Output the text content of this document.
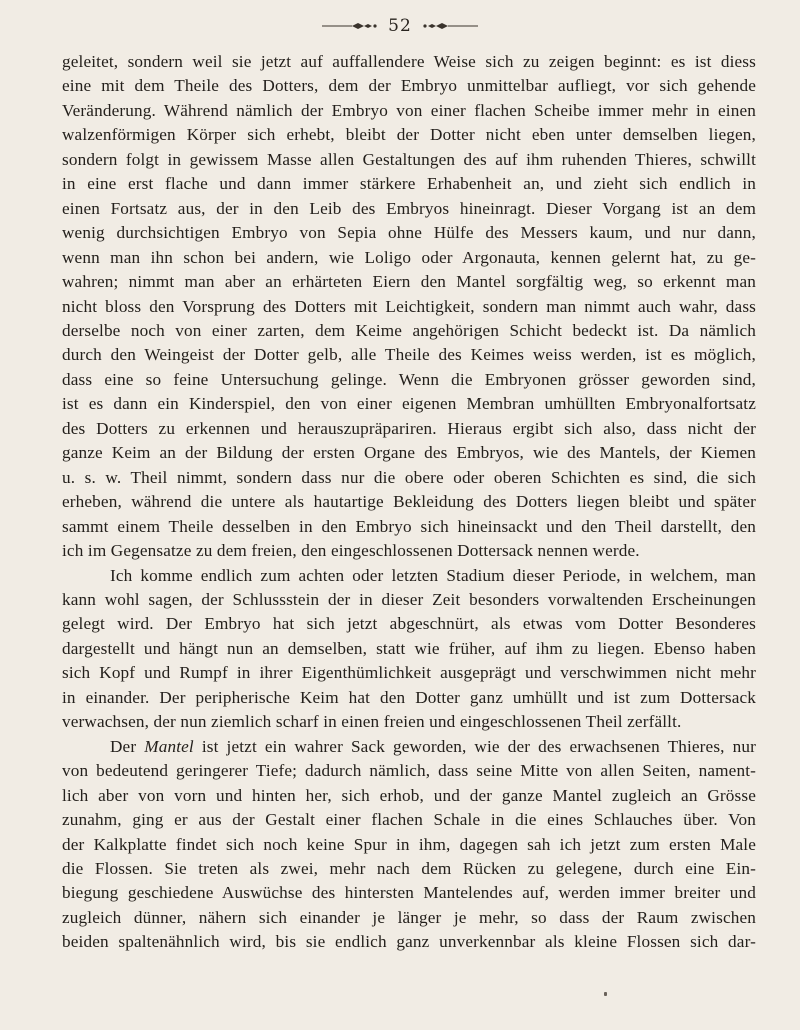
52

geleitet, sondern weil sie jetzt auf auffallendere Weise sich zu zeigen beginnt: es ist diess
eine mit dem Theile des Dotters, dem der Embryo unmittelbar aufliegt, vor sich gehende
Veränderung. Während nämlich der Embryo von einer flachen Scheibe immer mehr in einen
walzenförmigen Körper sich erhebt, bleibt der Dotter nicht eben unter demselben liegen,
sondern folgt in gewissem Masse allen Gestaltungen des auf ihm ruhenden Thieres, schwillt
in eine erst flache und dann immer stärkere Erhabenheit an, und zieht sich endlich in
einen Fortsatz aus, der in den Leib des Embryos hineinragt. Dieser Vorgang ist an dem
wenig durchsichtigen Embryo von Sepia ohne Hülfe des Messers kaum, und nur dann,
wenn man ihn schon bei andern, wie Loligo oder Argonauta, kennen gelernt hat, zu ge-
wahren; nimmt man aber an erhärteten Eiern den Mantel sorgfältig weg, so erkennt man
nicht bloss den Vorsprung des Dotters mit Leichtigkeit, sondern man nimmt auch wahr, dass
derselbe noch von einer zarten, dem Keime angehörigen Schicht bedeckt ist. Da nämlich
durch den Weingeist der Dotter gelb, alle Theile des Keimes weiss werden, ist es möglich,
dass eine so feine Untersuchung gelinge. Wenn die Embryonen grösser geworden sind,
ist es dann ein Kinderspiel, den von einer eigenen Membran umhüllten Embryonalfortsatz
des Dotters zu erkennen und herauszupräpariren. Hieraus ergibt sich also, dass nicht der
ganze Keim an der Bildung der ersten Organe des Embryos, wie des Mantels, der Kiemen
u. s. w. Theil nimmt, sondern dass nur die obere oder oberen Schichten es sind, die sich
erheben, während die untere als hautartige Bekleidung des Dotters liegen bleibt und später
sammt einem Theile desselben in den Embryo sich hineinsackt und den Theil darstellt, den
ich im Gegensatze zu dem freien, den eingeschlossenen Dottersack nennen werde.

Ich komme endlich zum achten oder letzten Stadium dieser Periode, in welchem, man
kann wohl sagen, der Schlussstein der in dieser Zeit besonders vorwaltenden Erscheinungen
gelegt wird. Der Embryo hat sich jetzt abgeschnürt, als etwas vom Dotter Besonderes
dargestellt und hängt nun an demselben, statt wie früher, auf ihm zu liegen. Ebenso haben
sich Kopf und Rumpf in ihrer Eigenthümlichkeit ausgeprägt und verschwimmen nicht mehr
in einander. Der peripherische Keim hat den Dotter ganz umhüllt und ist zum Dottersack
verwachsen, der nun ziemlich scharf in einen freien und eingeschlossenen Theil zerfällt.

Der Mantel ist jetzt ein wahrer Sack geworden, wie der des erwachsenen Thieres, nur
von bedeutend geringerer Tiefe; dadurch nämlich, dass seine Mitte von allen Seiten, nament-
lich aber von vorn und hinten her, sich erhob, und der ganze Mantel zugleich an Grösse
zunahm, ging er aus der Gestalt einer flachen Schale in die eines Schlauches über. Von
der Kalkplatte findet sich noch keine Spur in ihm, dagegen sah ich jetzt zum ersten Male
die Flossen. Sie treten als zwei, mehr nach dem Rücken zu gelegene, durch eine Ein-
biegung geschiedene Auswüchse des hintersten Mantelendes auf, werden immer breiter und
zugleich dünner, nähern sich einander je länger je mehr, so dass der Raum zwischen
beiden spaltenähnlich wird, bis sie endlich ganz unverkennbar als kleine Flossen sich dar-
